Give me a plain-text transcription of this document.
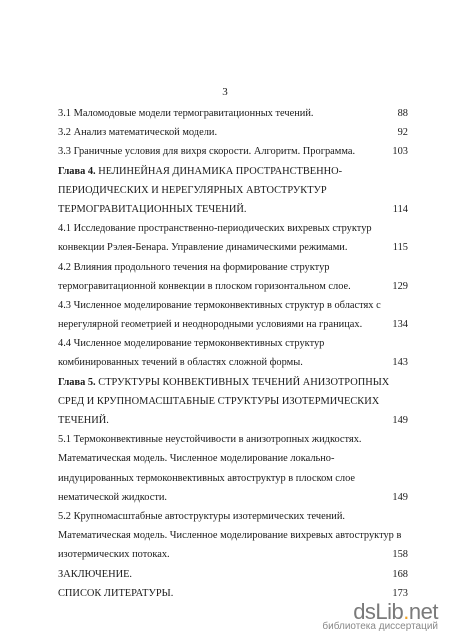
3
3.1 Маломодовые модели термогравитационных течений.	88
3.2 Анализ математической модели.	92
3.3 Граничные условия для вихря скорости. Алгоритм. Программа.	103
Глава 4. НЕЛИНЕЙНАЯ ДИНАМИКА ПРОСТРАНСТВЕННО-
ПЕРИОДИЧЕСКИХ И НЕРЕГУЛЯРНЫХ АВТОСТРУКТУР
ТЕРМОГРАВИТАЦИОННЫХ ТЕЧЕНИЙ.	114
4.1 Исследование пространственно-периодических вихревых структур
конвекции Рэлея-Бенара. Управление динамическими режимами.	115
4.2 Влияния продольного течения на формирование структур
термогравитационной конвекции в плоском горизонтальном слое.	129
4.3 Численное моделирование термоконвективных структур в областях с
нерегулярной геометрией и неоднородными условиями на границах.	134
4.4 Численное моделирование термоконвективных структур
комбинированных течений в областях сложной формы.	143
Глава 5. СТРУКТУРЫ КОНВЕКТИВНЫХ ТЕЧЕНИЙ АНИЗОТРОПНЫХ
СРЕД И КРУПНОМАСШТАБНЫЕ СТРУКТУРЫ ИЗОТЕРМИЧЕСКИХ
ТЕЧЕНИЙ.	149
5.1 Термоконвективные неустойчивости в анизотропных жидкостях.
Математическая модель. Численное моделирование локально-
индуцированных термоконвективных автоструктур в плоском слое
нематической жидкости.	149
5.2 Крупномасштабные автоструктуры изотермических течений.
Математическая модель. Численное моделирование вихревых автоструктур в
изотермических потоках.	158
ЗАКЛЮЧЕНИЕ.	168
СПИСОК ЛИТЕРАТУРЫ.	173
dsLib.net
библиотека диссертаций
